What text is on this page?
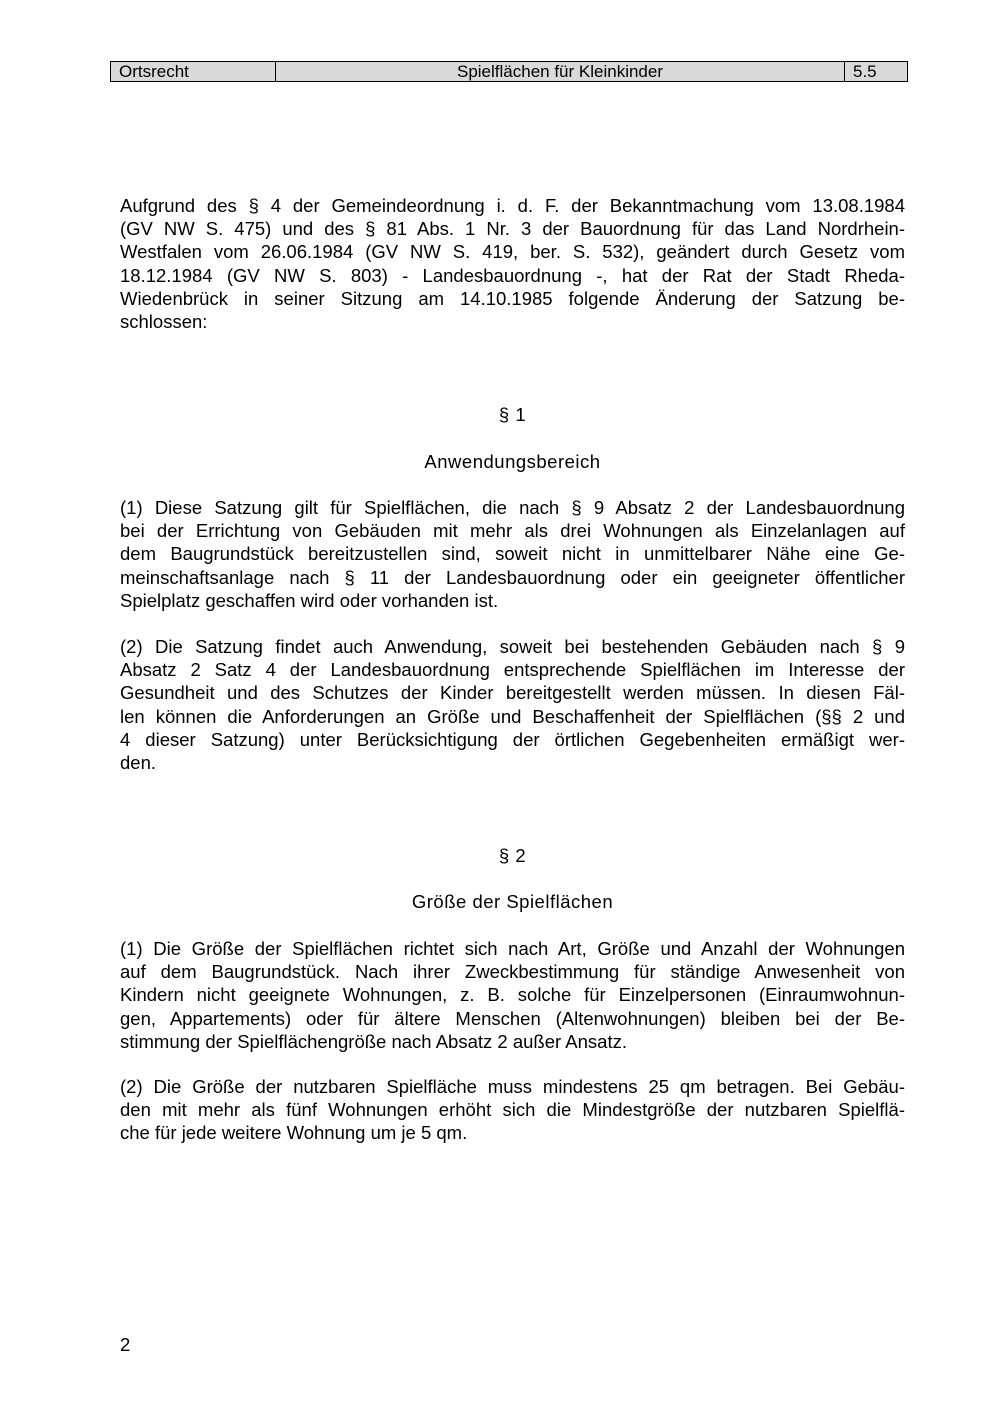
Ortsrecht	Spielflächen für Kleinkinder	5.5

Aufgrund des § 4 der Gemeindeordnung i. d. F. der Bekanntmachung vom 13.08.1984
(GV NW S. 475) und des § 81 Abs. 1 Nr. 3 der Bauordnung für das Land Nordrhein-
Westfalen vom 26.06.1984 (GV NW S. 419, ber. S. 532), geändert durch Gesetz vom
18.12.1984 (GV NW S. 803) - Landesbauordnung -, hat der Rat der Stadt Rheda-
Wiedenbrück in seiner Sitzung am 14.10.1985 folgende Änderung der Satzung be-
schlossen:

§ 1
Anwendungsbereich

(1) Diese Satzung gilt für Spielflächen, die nach § 9 Absatz 2 der Landesbauordnung
bei der Errichtung von Gebäuden mit mehr als drei Wohnungen als Einzelanlagen auf
dem Baugrundstück bereitzustellen sind, soweit nicht in unmittelbarer Nähe eine Ge-
meinschaftsanlage nach § 11 der Landesbauordnung oder ein geeigneter öffentlicher
Spielplatz geschaffen wird oder vorhanden ist.

(2) Die Satzung findet auch Anwendung, soweit bei bestehenden Gebäuden nach § 9
Absatz 2 Satz 4 der Landesbauordnung entsprechende Spielflächen im Interesse der
Gesundheit und des Schutzes der Kinder bereitgestellt werden müssen. In diesen Fäl-
len können die Anforderungen an Größe und Beschaffenheit der Spielflächen (§§ 2 und
4 dieser Satzung) unter Berücksichtigung der örtlichen Gegebenheiten ermäßigt wer-
den.

§ 2
Größe der Spielflächen

(1) Die Größe der Spielflächen richtet sich nach Art, Größe und Anzahl der Wohnungen
auf dem Baugrundstück. Nach ihrer Zweckbestimmung für ständige Anwesenheit von
Kindern nicht geeignete Wohnungen, z. B. solche für Einzelpersonen (Einraumwohnun-
gen, Appartements) oder für ältere Menschen (Altenwohnungen) bleiben bei der Be-
stimmung der Spielflächengröße nach Absatz 2 außer Ansatz.

(2) Die Größe der nutzbaren Spielfläche muss mindestens 25 qm betragen. Bei Gebäu-
den mit mehr als fünf Wohnungen erhöht sich die Mindestgröße der nutzbaren Spielflä-
che für jede weitere Wohnung um je 5 qm.

2
